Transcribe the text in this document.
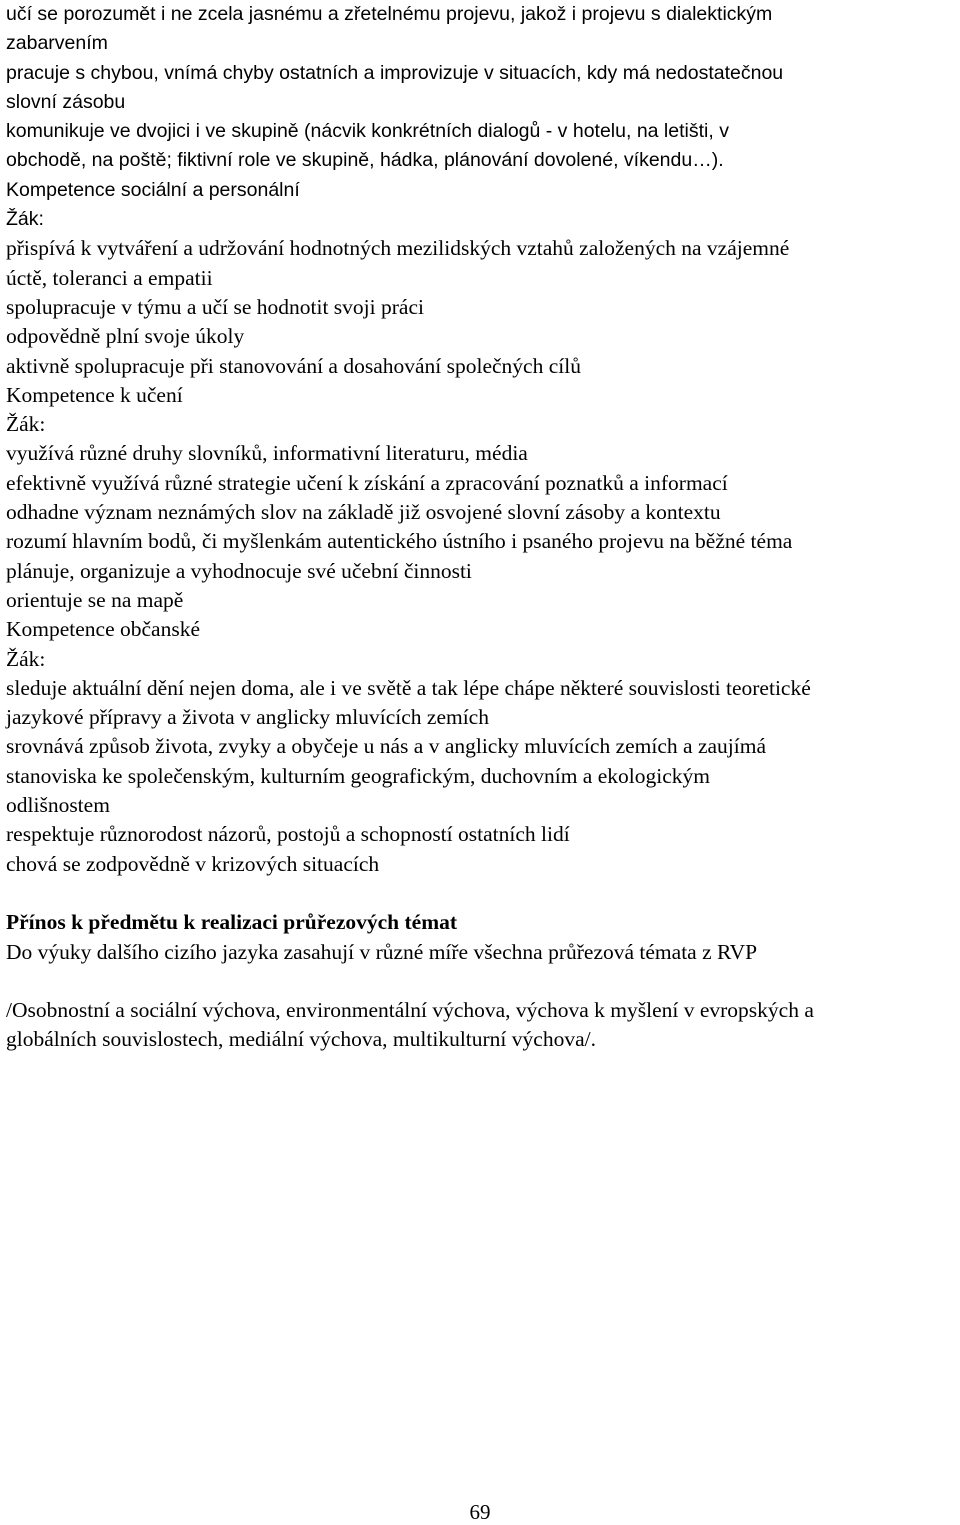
učí se porozumět i ne zcela jasnému a zřetelnému projevu, jakož i projevu s dialektickým

zabarvením

pracuje s chybou, vnímá chyby ostatních a improvizuje v situacích, kdy má nedostatečnou

slovní zásobu

komunikuje ve dvojici i ve skupině (nácvik konkrétních dialogů - v hotelu, na letišti, v

obchodě, na poště; fiktivní role ve skupině, hádka, plánování dovolené, víkendu…).

Kompetence sociální a personální

Žák:

přispívá k vytváření a udržování hodnotných mezilidských vztahů založených na vzájemné

úctě, toleranci a empatii

spolupracuje v týmu a učí se hodnotit svoji práci

odpovědně plní svoje úkoly

aktivně spolupracuje při stanovování a dosahování společných cílů

Kompetence k učení

Žák:

využívá různé druhy slovníků, informativní literaturu, média

efektivně využívá různé strategie učení k získání a zpracování poznatků a informací

odhadne význam neznámých slov na základě již osvojené slovní zásoby a kontextu

rozumí hlavním bodů, či myšlenkám autentického ústního i psaného projevu na běžné téma

plánuje, organizuje a vyhodnocuje své učební činnosti

orientuje se na mapě

Kompetence občanské

Žák:

sleduje aktuální dění nejen doma, ale i ve světě a tak lépe chápe některé souvislosti teoretické

jazykové přípravy a života v anglicky mluvících zemích

srovnává způsob života, zvyky a obyčeje u nás a v anglicky mluvících zemích a zaujímá

stanoviska ke společenským, kulturním geografickým, duchovním a ekologickým

odlišnostem

respektuje různorodost názorů, postojů a schopností ostatních lidí

chová se zodpovědně v krizových situacích

Přínos k předmětu k realizaci průřezových témat

Do výuky dalšího cizího jazyka zasahují v různé míře všechna průřezová témata z RVP

/Osobnostní a sociální výchova, environmentální výchova, výchova k myšlení v evropských a

globálních souvislostech, mediální výchova, multikulturní výchova/.

69
